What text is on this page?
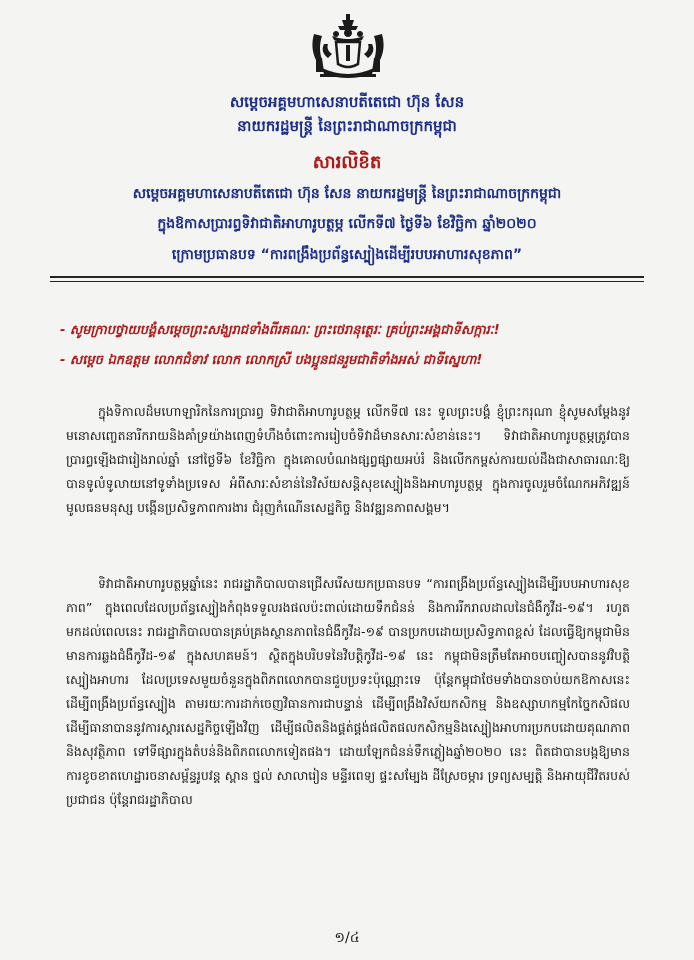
សម្ដេចអគ្គមហាសេនាបតីតេជោ ហ៊ុន សែន
នាយករដ្ឋមន្ត្រី នៃព្រះរាជាណាចក្រកម្ពុជា
សារលិខិត
សម្ដេចអគ្គមហាសេនាបតីតេជោ ហ៊ុន សែន នាយករដ្ឋមន្ត្រី នៃព្រះរាជាណាចក្រកម្ពុជា
ក្នុងឱកាសប្រារព្ធទិវាជាតិអាហារូបត្ថម្ភ លើកទី៧ ថ្ងៃទី៦ ខែវិច្ឆិកា ឆ្នាំ២០២០
ក្រោមប្រធានបទ “ការពង្រឹងប្រព័ន្ធស្បៀងដើម្បីរបបអាហារសុខភាព”
- សូមក្រាបថ្វាយបង្គំសម្ដេចព្រះសង្ឃរាជទាំងពីរគណៈ ព្រះថេរានុត្ថេរៈ គ្រប់ព្រះអង្គជាទីសក្ការៈ!
- សម្ដេច ឯកឧត្តម លោកជំទាវ លោក លោកស្រី បងប្អូនជនរួមជាតិទាំងអស់ ជាទីស្នេហា!

ក្នុងទិកាលដ៏មហោឡារិកនៃការប្រារព្ធ ទិវាជាតិអាហារូបត្ថម្ភ លើកទី៧ នេះ ទូលព្រះបង្គំ ខ្ញុំព្រះករុណា ខ្ញុំសូមសម្ដែងនូវមនោសញ្ចេតនារីករាយនិងគាំទ្រយ៉ាងពេញទំហឹងចំពោះការរៀបចំទិវាដ៏មានសារៈសំខាន់នេះ។ ទិវាជាតិអាហារូបត្ថម្ភត្រូវបានប្រារព្ធឡើងជារៀងរាល់ឆ្នាំ នៅថ្ងៃទី៦ ខែវិច្ឆិកា ក្នុងគោលបំណងផ្សព្វផ្សាយអប់រំ និងលើកកម្ពស់ការយល់ដឹងជាសាធារណៈឱ្យបានទូលំទូលាយនៅទូទាំងប្រទេស អំពីសារៈសំខាន់នៃវិស័យសន្តិសុខស្បៀងនិងអាហារូបត្ថម្ភ ក្នុងការចូលរួមចំណែកអភិវឌ្ឍន៍មូលធនមនុស្ស បង្កើនប្រសិទ្ធភាពការងារ ជំរុញកំណើនសេដ្ឋកិច្ច និងវឌ្ឍនភាពសង្គម។

ទិវាជាតិអាហារូបត្ថម្ភឆ្នាំនេះ រាជរដ្ឋាភិបាលបានជ្រើសរើសយកប្រធានបទ “ការពង្រឹងប្រព័ន្ធស្បៀងដើម្បីរបបអាហារសុខភាព” ក្នុងពេលដែលប្រព័ន្ធស្បៀងកំពុងទទួលរងផលប៉ះពាល់ដោយទឹកជំនន់ និងការរីករាលដាលនៃជំងឺកូវីដ-១៩។ រហូតមកដល់ពេលនេះ រាជរដ្ឋាភិបាលបានគ្រប់គ្រងស្ថានភាពនៃជំងឺកូវីដ-១៩ បានប្រកបដោយប្រសិទ្ធភាពខ្ពស់ ដែលធ្វើឱ្យកម្ពុជាមិនមានការឆ្លងជំងឺកូវីដ-១៩ ក្នុងសហគមន៍។ ស្ថិតក្នុងបរិបទនៃវិបត្តិកូវីដ-១៩ នេះ កម្ពុជាមិនត្រឹមតែអាចបញ្ចៀសបាននូវវិបត្តិស្បៀងអាហារ ដែលប្រទេសមួយចំនួនក្នុងពិភពលោកបានជួបប្រទះប៉ុណ្ណោះទេ ប៉ុន្តែកម្ពុជាថែមទាំងបានចាប់យកឱកាសនេះដើម្បីពង្រឹងប្រព័ន្ធស្បៀង តាមរយៈការដាក់ចេញវិធានការជាបន្ទាន់ ដើម្បីពង្រឹងវិស័យកសិកម្ម និងឧស្សាហកម្មកែច្នៃកសិផល ដើម្បីធានាបាននូវការស្ដារសេដ្ឋកិច្ចឡើងវិញ ដើម្បីផលិតនិងផ្គត់ផ្គង់ផលិតផលកសិកម្មនិងស្បៀងអាហារប្រកបដោយគុណភាពនិងសុវត្ថិភាព ទៅទីផ្សារក្នុងតំបន់និងពិភពលោកទៀតផង។ ដោយឡែកជំនន់ទឹកភ្លៀងឆ្នាំ២០២០ នេះ ពិតជាបានបង្កឱ្យមានការខូចខាតហេដ្ឋារចនាសម្ព័ន្ធរូបវន្ត ស្ពាន ថ្នល់ សាលារៀន មន្ទីរពេទ្យ ផ្ទះសម្បែង ដីស្រែចម្ការ ទ្រព្យសម្បត្តិ និងអាយុជីវិតរបស់ប្រជាជន ប៉ុន្តែរាជរដ្ឋាភិបាល

១/៤
